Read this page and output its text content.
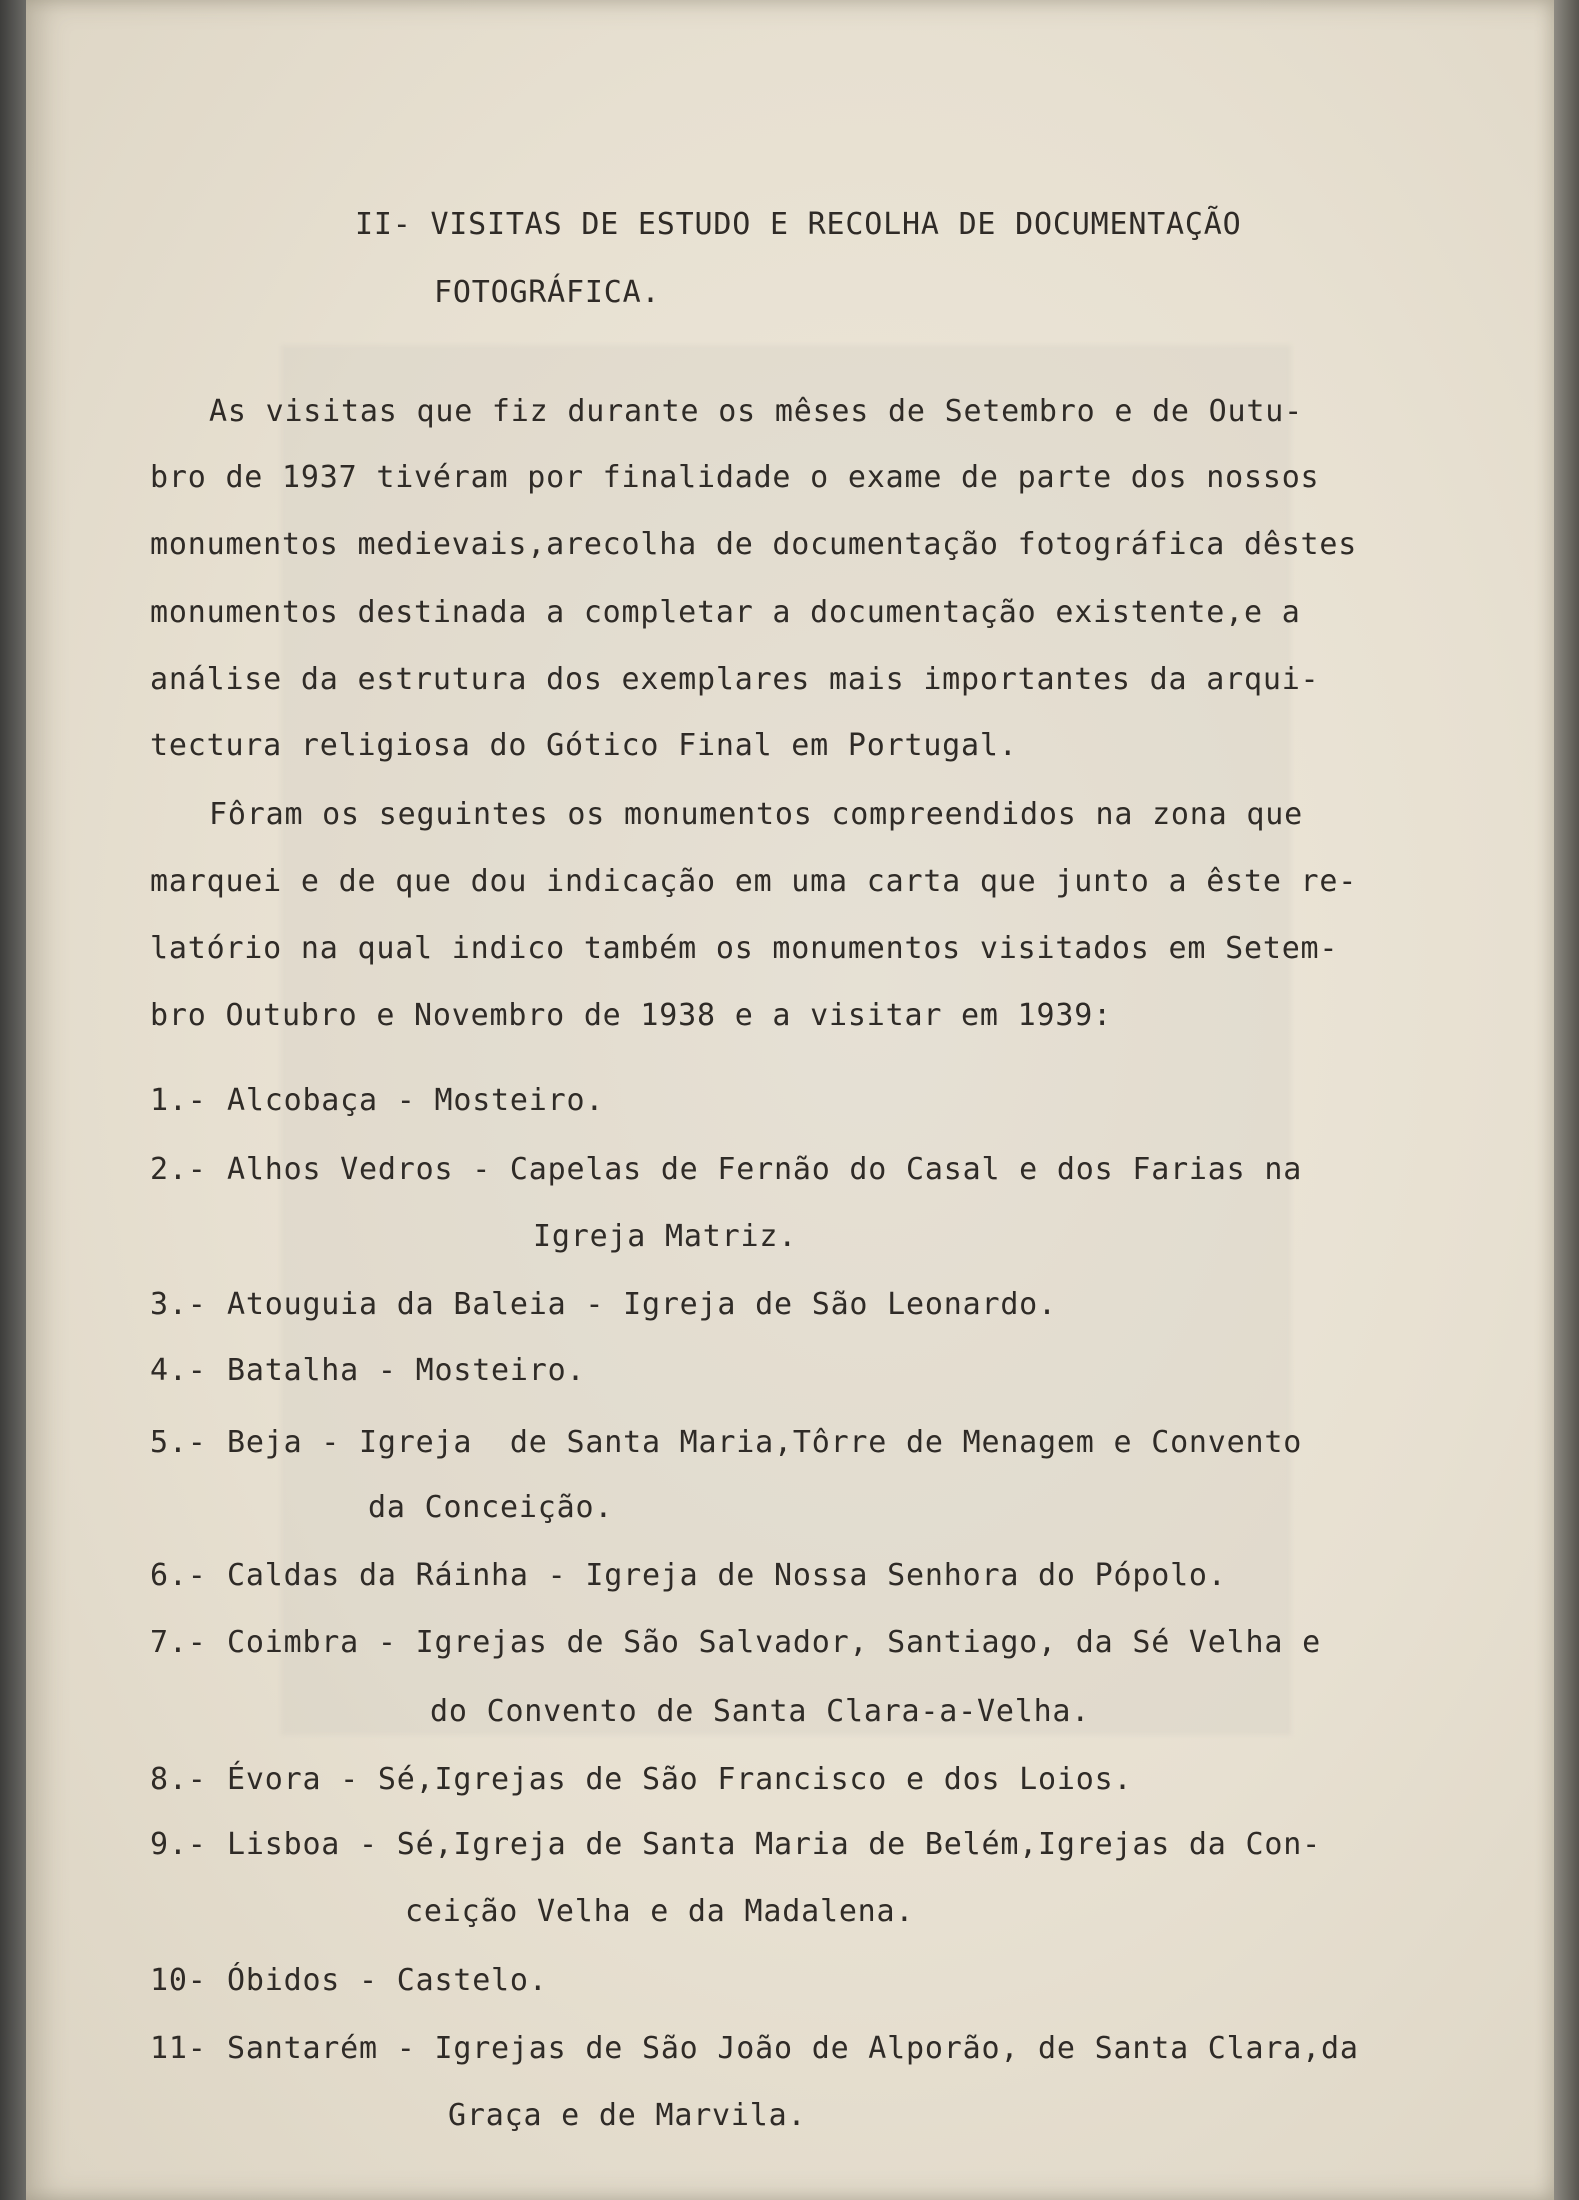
II- VISITAS DE ESTUDO E RECOLHA DE DOCUMENTAÇÃO
FOTOGRÁFICA.
As visitas que fiz durante os mêses de Setembro e de Outu-
bro de 1937 tivéram por finalidade o exame de parte dos nossos
monumentos medievais,arecolha de documentação fotográfica dêstes
monumentos destinada a completar a documentação existente,e a
análise da estrutura dos exemplares mais importantes da arqui-
tectura religiosa do Gótico Final em Portugal.
Fôram os seguintes os monumentos compreendidos na zona que
marquei e de que dou indicação em uma carta que junto a êste re-
latório na qual indico também os monumentos visitados em Setem-
bro Outubro e Novembro de 1938 e a visitar em 1939:
1.- Alcobaça - Mosteiro.
2.- Alhos Vedros - Capelas de Fernão do Casal e dos Farias na
Igreja Matriz.
3.- Atouguia da Baleia - Igreja de São Leonardo.
4.- Batalha - Mosteiro.
5.- Beja - Igreja  de Santa Maria,Tôrre de Menagem e Convento
da Conceição.
6.- Caldas da Ráinha - Igreja de Nossa Senhora do Pópolo.
7.- Coimbra - Igrejas de São Salvador, Santiago, da Sé Velha e
do Convento de Santa Clara-a-Velha.
8.- Évora - Sé,Igrejas de São Francisco e dos Loios.
9.- Lisboa - Sé,Igreja de Santa Maria de Belém,Igrejas da Con-
ceição Velha e da Madalena.
10- Óbidos - Castelo.
11- Santarém - Igrejas de São João de Alporão, de Santa Clara,da
Graça e de Marvila.
